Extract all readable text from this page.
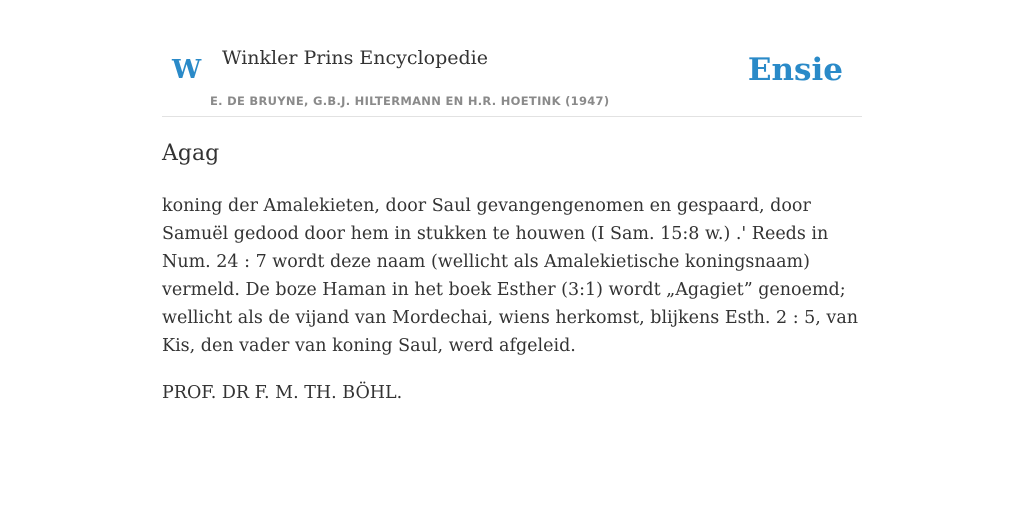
W Winkler Prins Encyclopedie
E. DE BRUYNE, G.B.J. HILTERMANN EN H.R. HOETINK (1947)
Ensie
Agag

koning der Amalekieten, door Saul gevangengenomen en gespaard, door Samuël gedood door hem in stukken te houwen (I Sam. 15:8 w.) .' Reeds in Num. 24 : 7 wordt deze naam (wellicht als Amalekietische koningsnaam) vermeld. De boze Haman in het boek Esther (3:1) wordt „Agagiet” genoemd; wellicht als de vijand van Mordechai, wiens herkomst, blijkens Esth. 2 : 5, van Kis, den vader van koning Saul, werd afgeleid.

PROF. DR F. M. TH. BÖHL.
